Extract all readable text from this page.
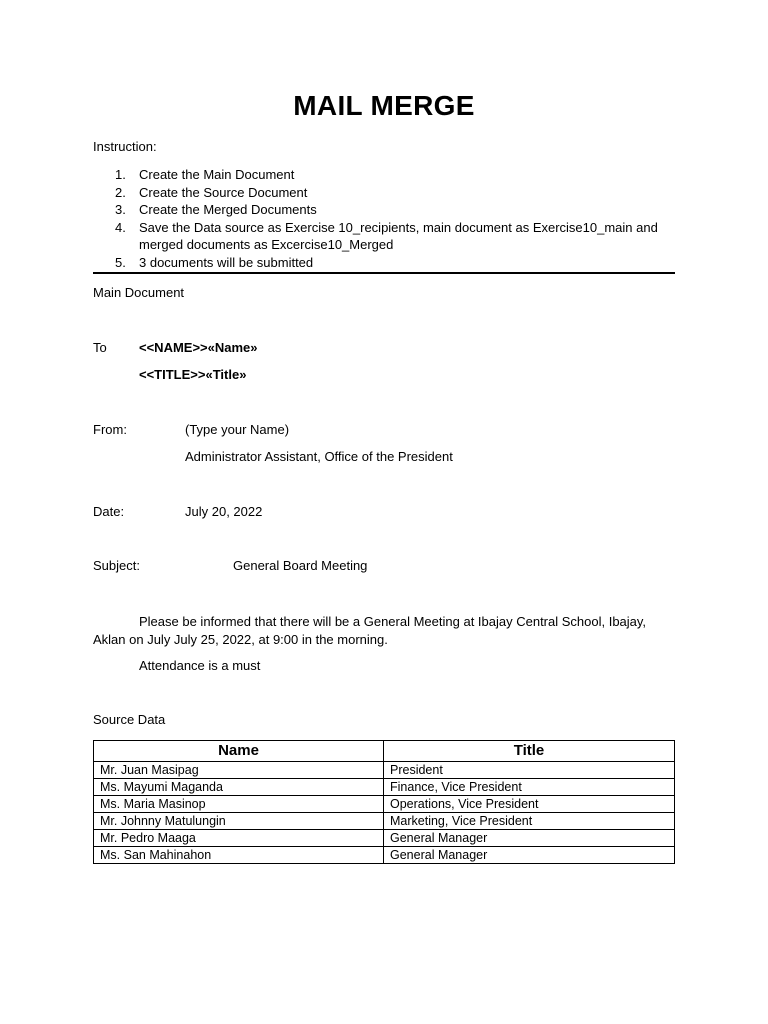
MAIL MERGE
Instruction:
1. Create the Main Document
2. Create the Source Document
3. Create the Merged Documents
4. Save the Data source as Exercise 10_recipients, main document as Exercise10_main and merged documents as Excercise10_Merged
5. 3 documents will be submitted
Main Document
To <<NAME>>«Name»
<<TITLE>>«Title»
From:	(Type your Name)
Administrator Assistant, Office of the President
Date:	July 20, 2022
Subject:	General Board Meeting
Please be informed that there will be a General Meeting at Ibajay Central School, Ibajay, Aklan on July July 25, 2022, at 9:00 in the morning.
Attendance is a must
Source Data
Name	Title
Mr. Juan Masipag	President
Ms. Mayumi Maganda	Finance, Vice President
Ms. Maria Masinop	Operations, Vice President
Mr. Johnny Matulungin	Marketing, Vice President
Mr. Pedro Maaga	General Manager
Ms. San Mahinahon	General Manager
